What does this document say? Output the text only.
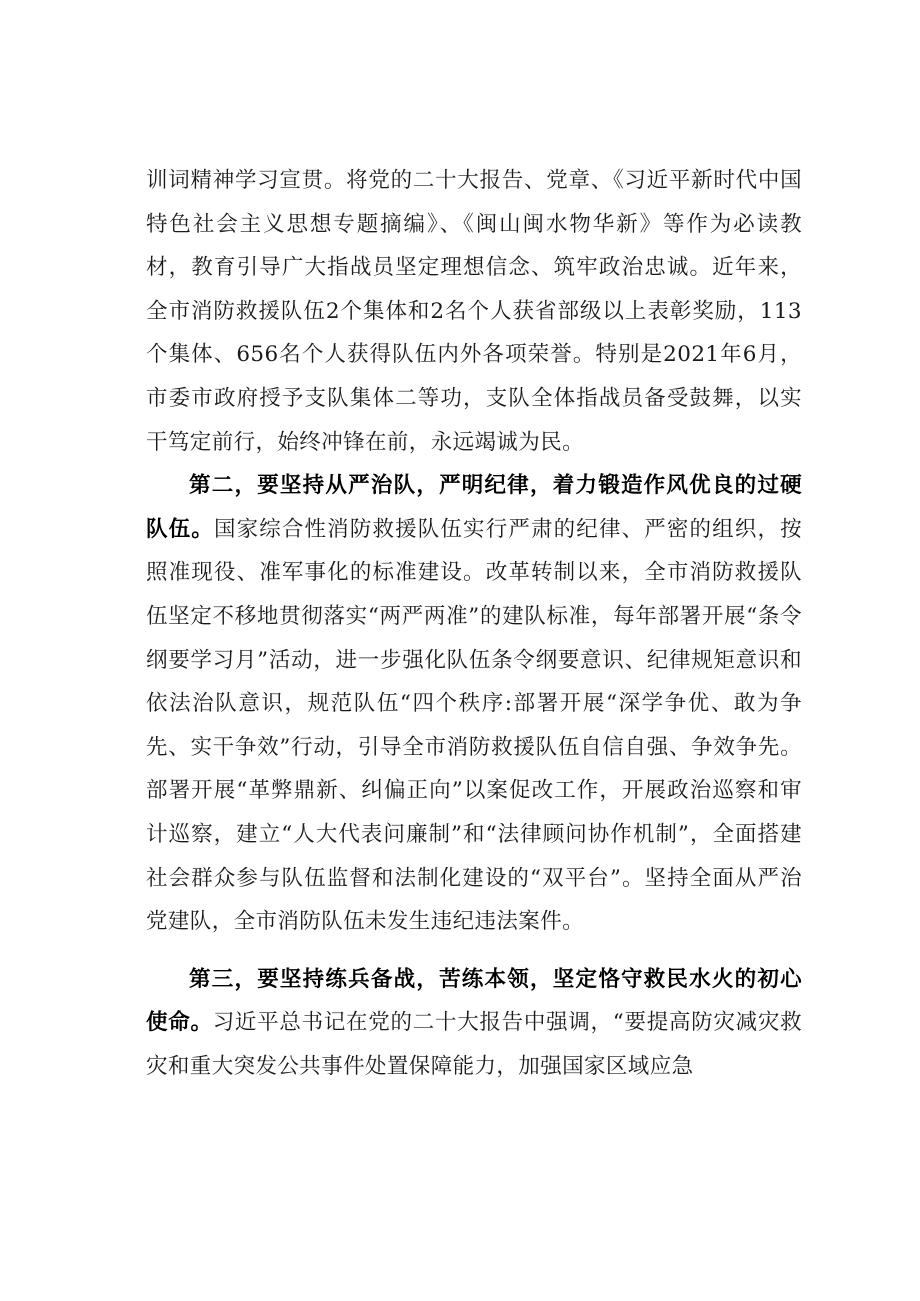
训词精神学习宣贯。将党的二十大报告、党章、《习近平新时代中国特色社会主义思想专题摘编》、《闽山闽水物华新》等作为必读教材，教育引导广大指战员坚定理想信念、筑牢政治忠诚。近年来，全市消防救援队伍2个集体和2名个人获省部级以上表彰奖励，113个集体、656名个人获得队伍内外各项荣誉。特别是2021年6月，市委市政府授予支队集体二等功，支队全体指战员备受鼓舞，以实干笃定前行，始终冲锋在前，永远竭诚为民。

第二，要坚持从严治队，严明纪律，着力锻造作风优良的过硬队伍。国家综合性消防救援队伍实行严肃的纪律、严密的组织，按照准现役、准军事化的标准建设。改革转制以来，全市消防救援队伍坚定不移地贯彻落实“两严两准”的建队标准，每年部署开展“条令纲要学习月”活动，进一步强化队伍条令纲要意识、纪律规矩意识和依法治队意识，规范队伍“四个秩序:部署开展“深学争优、敢为争先、实干争效”行动，引导全市消防救援队伍自信自强、争效争先。部署开展“革弊鼎新、纠偏正向”以案促改工作，开展政治巡察和审计巡察，建立“人大代表问廉制”和“法律顾问协作机制”，全面搭建社会群众参与队伍监督和法制化建设的“双平台”。坚持全面从严治党建队，全市消防队伍未发生违纪违法案件。

第三，要坚持练兵备战，苦练本领，坚定恪守救民水火的初心使命。习近平总书记在党的二十大报告中强调，“要提高防灾减灾救灾和重大突发公共事件处置保障能力，加强国家区域应急
